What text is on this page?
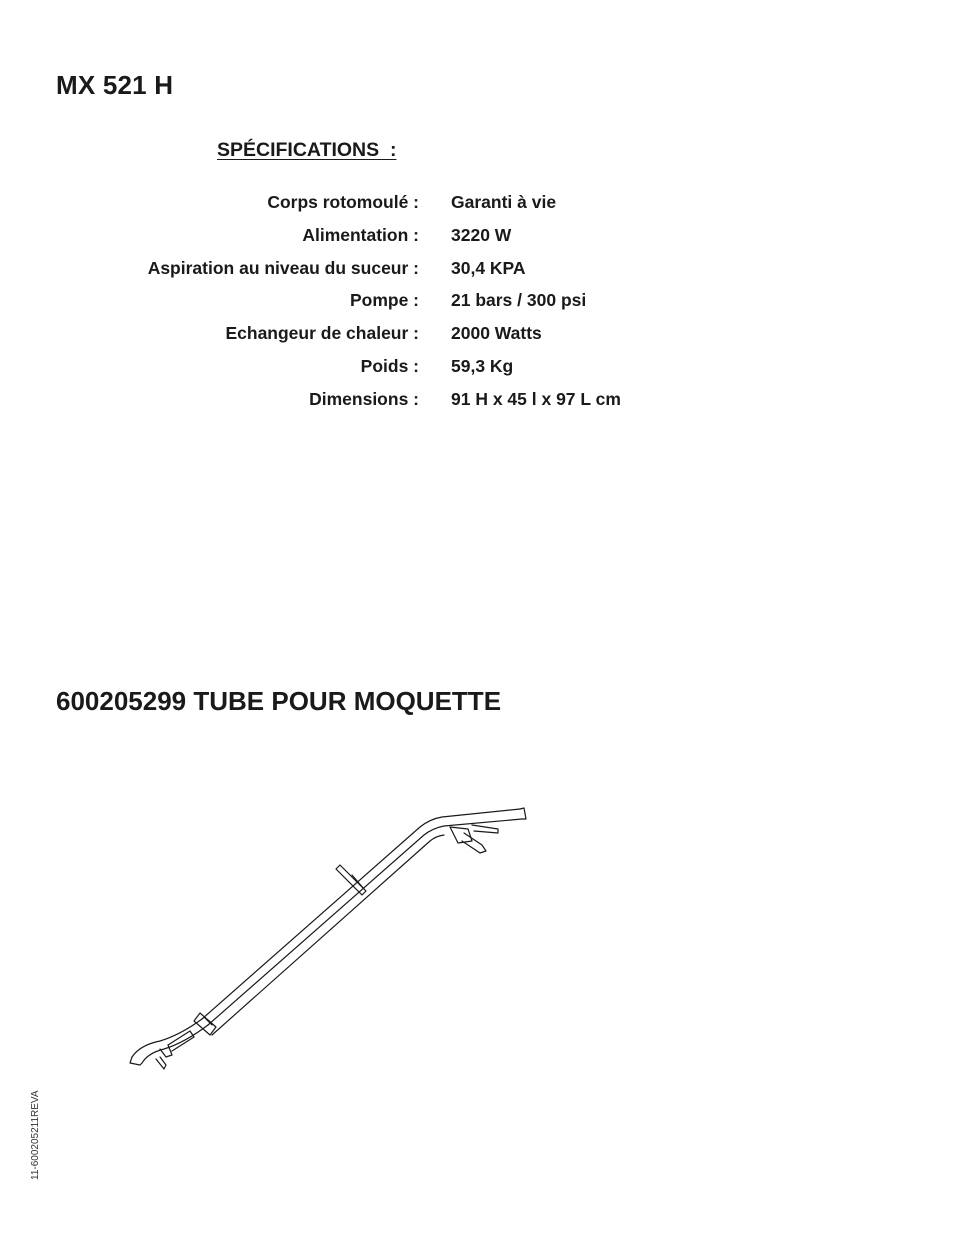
MX 521 H
SPÉCIFICATIONS  :
Corps rotomoulé : Garanti à vie
Alimentation : 3220 W
Aspiration au niveau du suceur : 30,4 KPA
Pompe : 21 bars / 300 psi
Echangeur de chaleur : 2000 Watts
Poids : 59,3 Kg
Dimensions : 91 H x 45 l x 97 L cm
600205299 TUBE POUR MOQUETTE
11-600205211REVA
